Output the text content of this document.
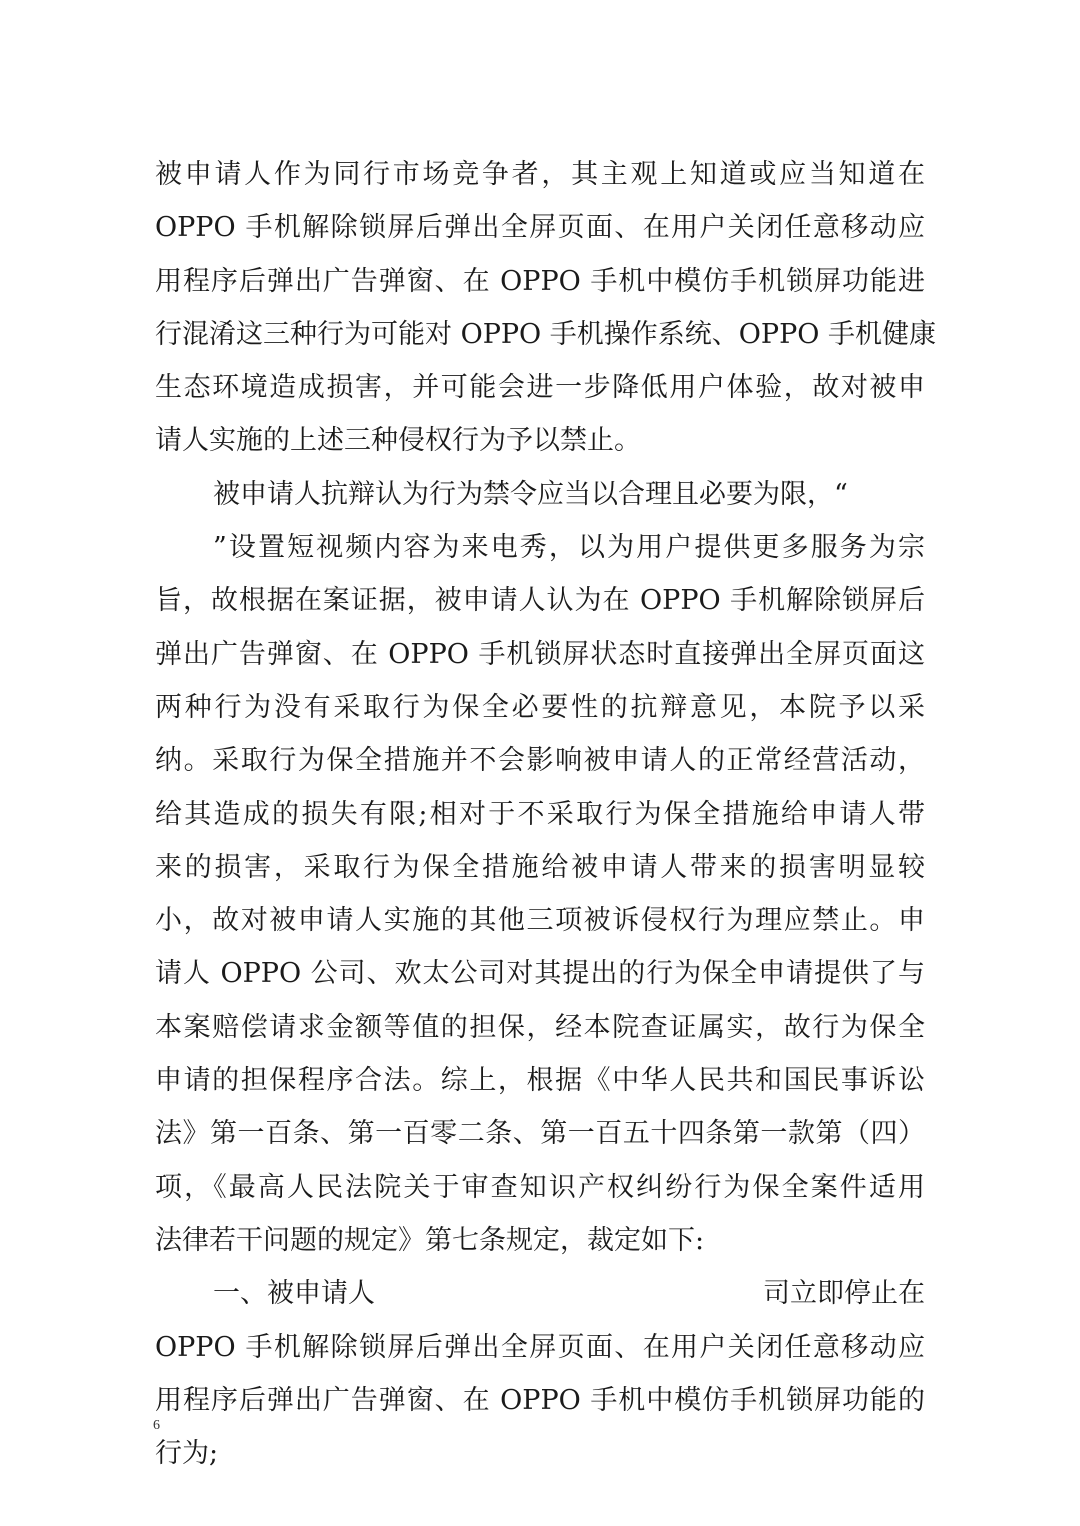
被申请人作为同行市场竞争者，其主观上知道或应当知道在
OPPO 手机解除锁屏后弹出全屏页面、在用户关闭任意移动应
用程序后弹出广告弹窗、在 OPPO 手机中模仿手机锁屏功能进
行混淆这三种行为可能对 OPPO 手机操作系统、OPPO 手机健康
生态环境造成损害，并可能会进一步降低用户体验，故对被申
请人实施的上述三种侵权行为予以禁止。
被申请人抗辩认为行为禁令应当以合理且必要为限，“
”设置短视频内容为来电秀，以为用户提供更多服务为宗
旨，故根据在案证据，被申请人认为在 OPPO 手机解除锁屏后
弹出广告弹窗、在 OPPO 手机锁屏状态时直接弹出全屏页面这
两种行为没有采取行为保全必要性的抗辩意见，本院予以采
纳。采取行为保全措施并不会影响被申请人的正常经营活动，
给其造成的损失有限;相对于不采取行为保全措施给申请人带
来的损害，采取行为保全措施给被申请人带来的损害明显较
小，故对被申请人实施的其他三项被诉侵权行为理应禁止。申
请人 OPPO 公司、欢太公司对其提出的行为保全申请提供了与
本案赔偿请求金额等值的担保，经本院查证属实，故行为保全
申请的担保程序合法。综上，根据《中华人民共和国民事诉讼
法》第一百条、第一百零二条、第一百五十四条第一款第（四）
项，《最高人民法院关于审查知识产权纠纷行为保全案件适用
法律若干问题的规定》第七条规定，裁定如下:
一、被申请人	司立即停止在
OPPO 手机解除锁屏后弹出全屏页面、在用户关闭任意移动应
用程序后弹出广告弹窗、在 OPPO 手机中模仿手机锁屏功能的
行为;
6
